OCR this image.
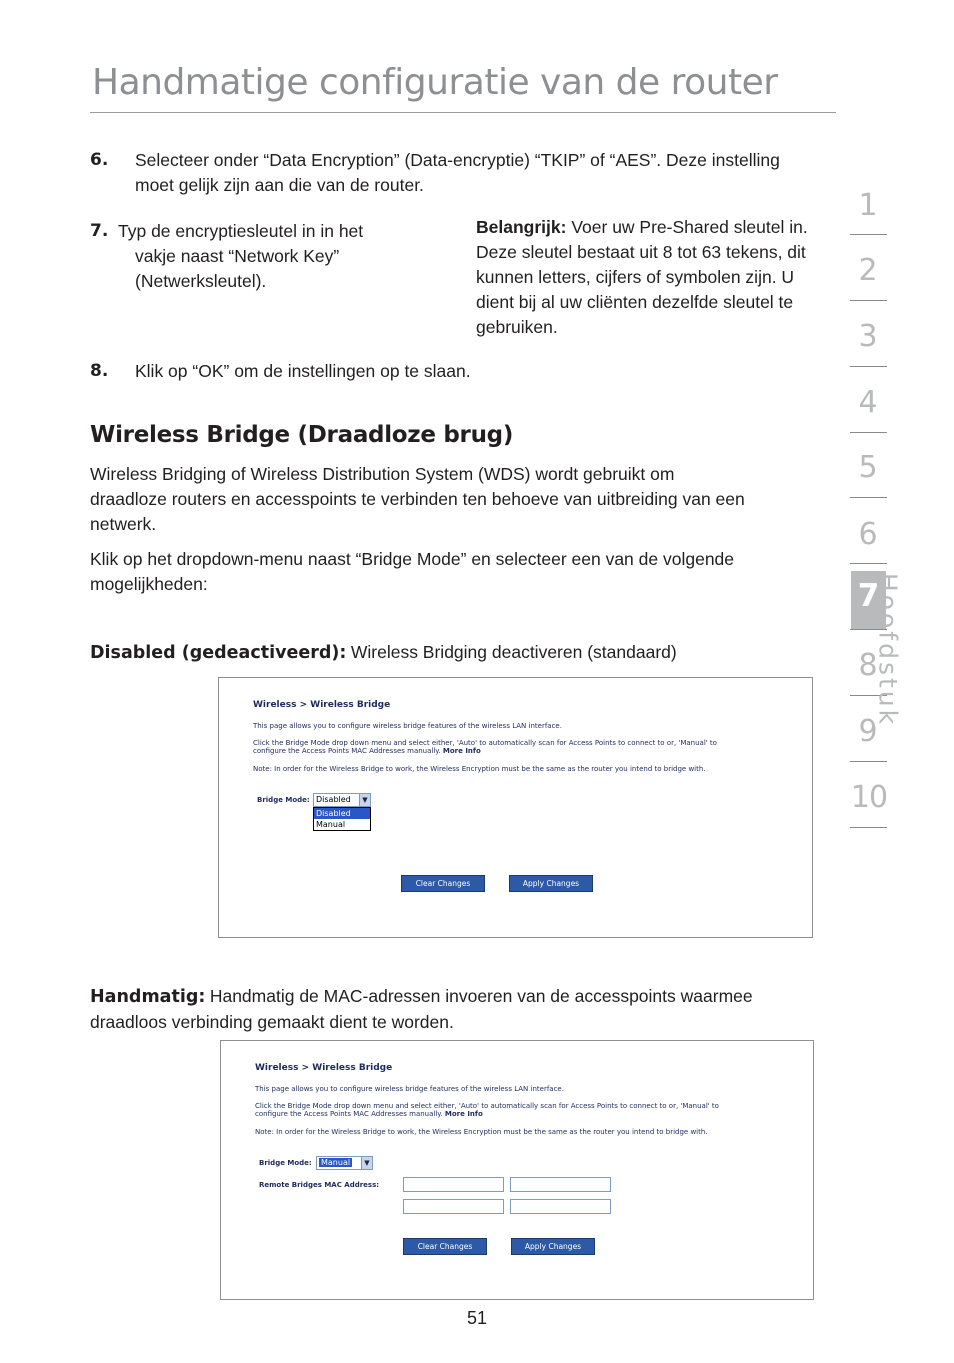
Handmatige configuratie van de router
6. Selecteer onder “Data Encryption” (Data-encryptie) “TKIP” of “AES”. Deze instelling
moet gelijk zijn aan die van de router.
7. Typ de encryptiesleutel in in het
vakje naast “Network Key”
(Netwerksleutel).
Belangrijk: Voer uw Pre-Shared sleutel in.
Deze sleutel bestaat uit 8 tot 63 tekens, dit
kunnen letters, cijfers of symbolen zijn. U
dient bij al uw cliënten dezelfde sleutel te
gebruiken.
8. Klik op “OK” om de instellingen op te slaan.
Wireless Bridge (Draadloze brug)
Wireless Bridging of Wireless Distribution System (WDS) wordt gebruikt om
draadloze routers en accesspoints te verbinden ten behoeve van uitbreiding van een
netwerk.
Klik op het dropdown-menu naast “Bridge Mode” en selecteer een van de volgende
mogelijkheden:
Disabled (gedeactiveerd): Wireless Bridging deactiveren (standaard)
Wireless > Wireless Bridge
This page allows you to configure wireless bridge features of the wireless LAN interface.
Click the Bridge Mode drop down menu and select either, 'Auto' to automatically scan for Access Points to connect to or, 'Manual' to
configure the Access Points MAC Addresses manually. More Info
Note: In order for the Wireless Bridge to work, the Wireless Encryption must be the same as the router you intend to bridge with.
Bridge Mode: Disabled	▼
Disabled
Manual
Clear Changes	Apply Changes
Handmatig: Handmatig de MAC-adressen invoeren van de accesspoints waarmee
draadloos verbinding gemaakt dient te worden.
Wireless > Wireless Bridge
This page allows you to configure wireless bridge features of the wireless LAN interface.
Click the Bridge Mode drop down menu and select either, 'Auto' to automatically scan for Access Points to connect to or, 'Manual' to
configure the Access Points MAC Addresses manually. More Info
Note: In order for the Wireless Bridge to work, the Wireless Encryption must be the same as the router you intend to bridge with.
Bridge Mode:	Manual	▼
Remote Bridges MAC Address:
Clear Changes	Apply Changes
1
2
3
4
5
6
7
8
9
10
Hoofdstuk
51
